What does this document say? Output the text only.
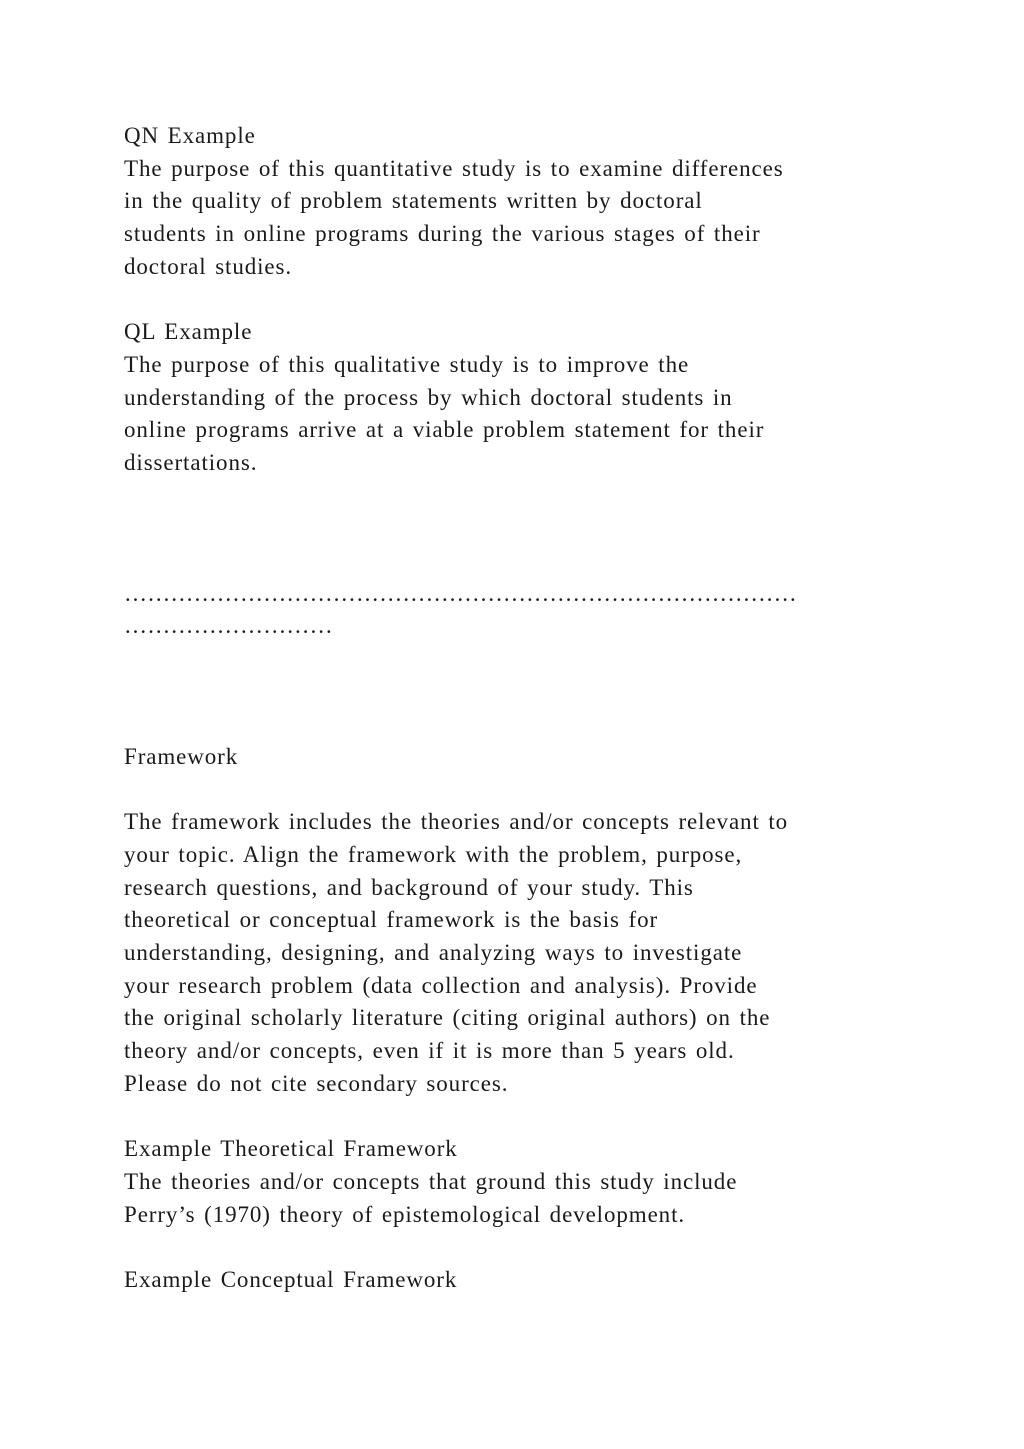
QN Example
The purpose of this quantitative study is to examine differences
in the quality of problem statements written by doctoral
students in online programs during the various stages of their
doctoral studies.
QL Example
The purpose of this qualitative study is to improve the
understanding of the process by which doctoral students in
online programs arrive at a viable problem statement for their
dissertations.
……………………………………………………………………………
………………………
Framework
The framework includes the theories and/or concepts relevant to
your topic. Align the framework with the problem, purpose,
research questions, and background of your study. This
theoretical or conceptual framework is the basis for
understanding, designing, and analyzing ways to investigate
your research problem (data collection and analysis). Provide
the original scholarly literature (citing original authors) on the
theory and/or concepts, even if it is more than 5 years old.
Please do not cite secondary sources.
Example Theoretical Framework
The theories and/or concepts that ground this study include
Perry’s (1970) theory of epistemological development.
Example Conceptual Framework
